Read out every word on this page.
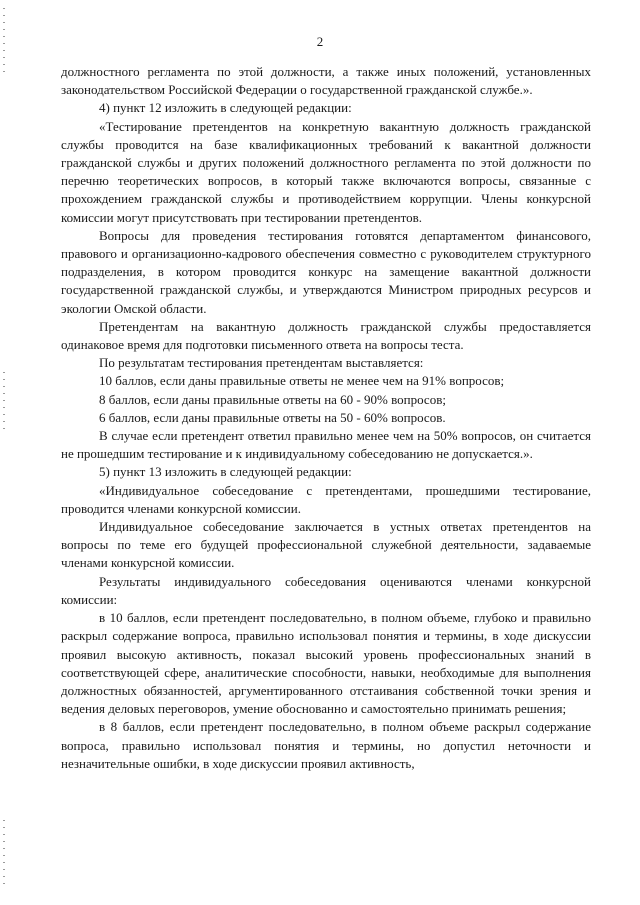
2

должностного регламента по этой должности, а также иных положений, установленных законодательством Российской Федерации о государственной гражданской службе.».

4) пункт 12 изложить в следующей редакции:

«Тестирование претендентов на конкретную вакантную должность гражданской службы проводится на базе квалификационных требований к вакантной должности гражданской службы и других положений должностного регламента по этой должности по перечню теоретических вопросов, в который также включаются вопросы, связанные с прохождением гражданской службы и противодействием коррупции. Члены конкурсной комиссии могут присутствовать при тестировании претендентов.

Вопросы для проведения тестирования готовятся департаментом финансового, правового и организационно-кадрового обеспечения совместно с руководителем структурного подразделения, в котором проводится конкурс на замещение вакантной должности государственной гражданской службы, и утверждаются Министром природных ресурсов и экологии Омской области.

Претендентам на вакантную должность гражданской службы предоставляется одинаковое время для подготовки письменного ответа на вопросы теста.

По результатам тестирования претендентам выставляется:

10 баллов, если даны правильные ответы не менее чем на 91% вопросов;

8 баллов, если даны правильные ответы на 60 - 90% вопросов;

6 баллов, если даны правильные ответы на 50 - 60% вопросов.

В случае если претендент ответил правильно менее чем на 50% вопросов, он считается не прошедшим тестирование и к индивидуальному собеседованию не допускается.».

5) пункт 13 изложить в следующей редакции:

«Индивидуальное собеседование с претендентами, прошедшими тестирование, проводится членами конкурсной комиссии.

Индивидуальное собеседование заключается в устных ответах претендентов на вопросы по теме его будущей профессиональной служебной деятельности, задаваемые членами конкурсной комиссии.

Результаты индивидуального собеседования оцениваются членами конкурсной комиссии:

в 10 баллов, если претендент последовательно, в полном объеме, глубоко и правильно раскрыл содержание вопроса, правильно использовал понятия и термины, в ходе дискуссии проявил высокую активность, показал высокий уровень профессиональных знаний в соответствующей сфере, аналитические способности, навыки, необходимые для выполнения должностных обязанностей, аргументированного отстаивания собственной точки зрения и ведения деловых переговоров, умение обоснованно и самостоятельно принимать решения;

в 8 баллов, если претендент последовательно, в полном объеме раскрыл содержание вопроса, правильно использовал понятия и термины, но допустил неточности и незначительные ошибки, в ходе дискуссии проявил активность,
